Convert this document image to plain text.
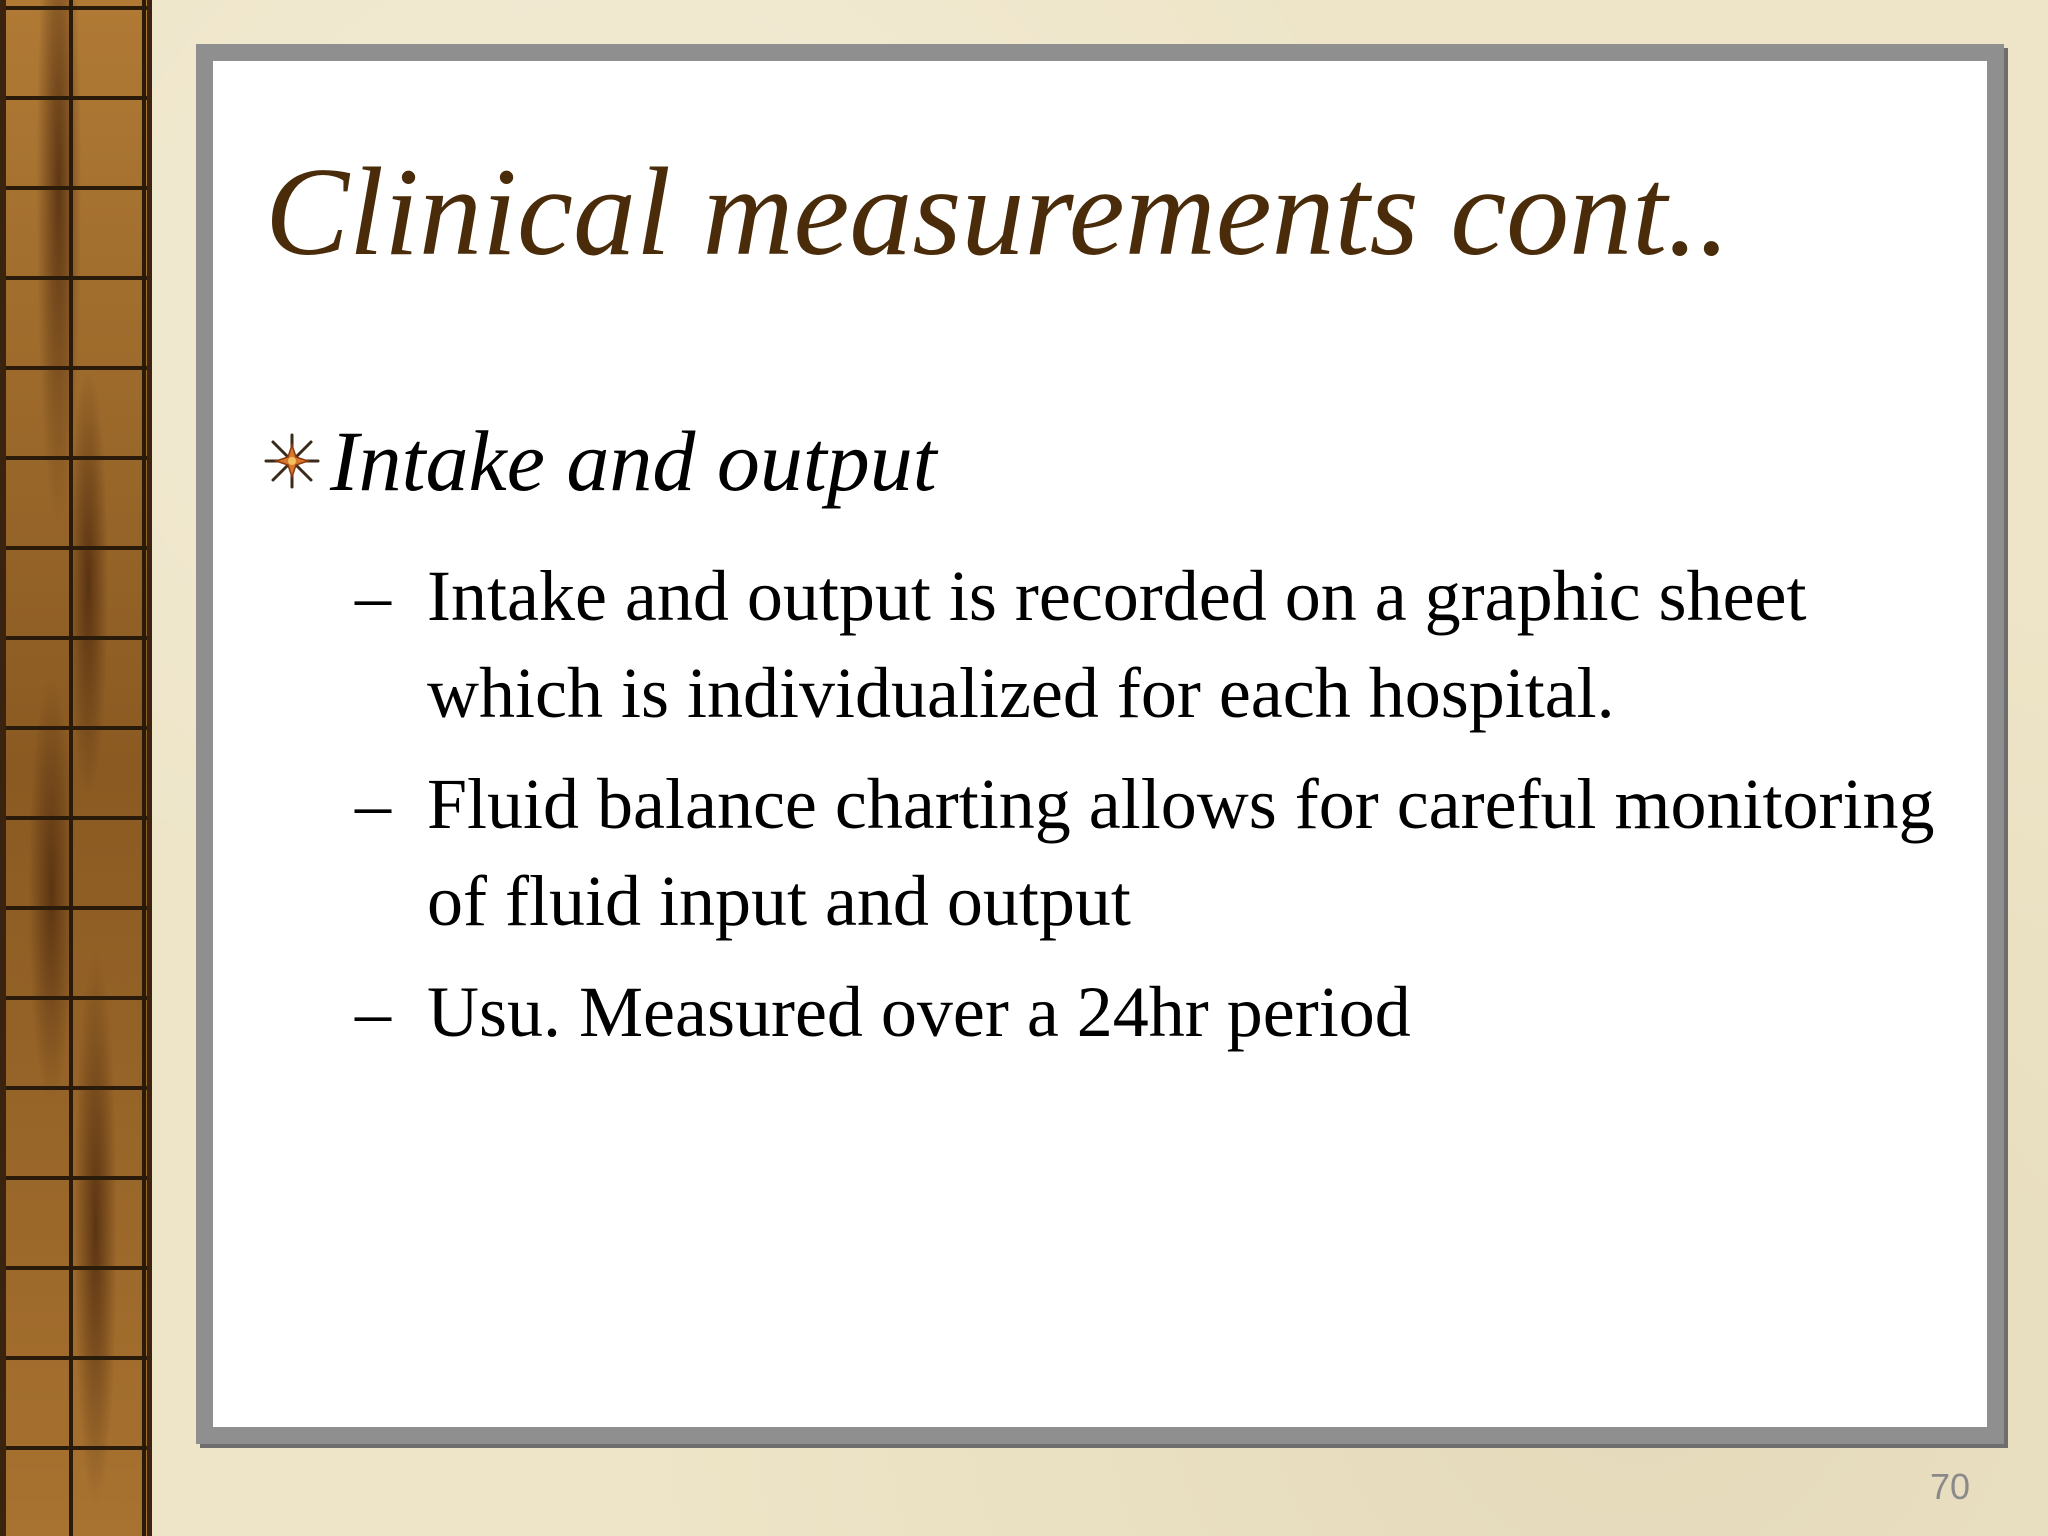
Clinical measurements cont..
Intake and output
– Intake and output is recorded on a graphic sheet which is individualized for each hospital.
– Fluid balance charting allows for careful monitoring of fluid input and output
– Usu. Measured over a 24hr period
70
